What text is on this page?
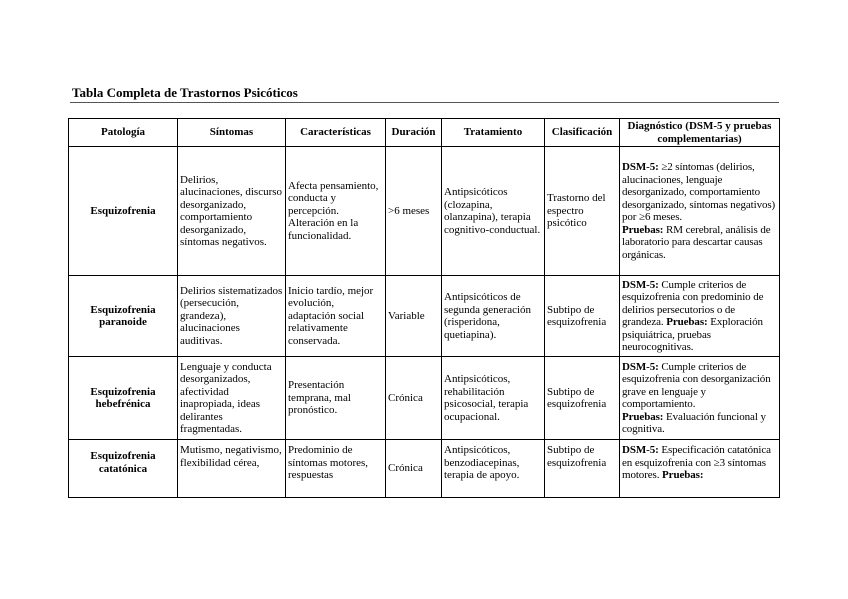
Tabla Completa de Trastornos Psicóticos
Patología	Síntomas	Características	Duración	Tratamiento	Clasificación	Diagnóstico (DSM-5 y pruebas complementarias)
Esquizofrenia	Delirios, alucinaciones, discurso desorganizado, comportamiento desorganizado, síntomas negativos.	Afecta pensamiento, conducta y percepción. Alteración en la funcionalidad.	>6 meses	Antipsicóticos (clozapina, olanzapina), terapia cognitivo-conductual.	Trastorno del espectro psicótico	DSM-5: ≥2 síntomas (delirios, alucinaciones, lenguaje desorganizado, comportamiento desorganizado, síntomas negativos) por ≥6 meses.
Pruebas: RM cerebral, análisis de laboratorio para descartar causas orgánicas.
Esquizofrenia paranoide	Delirios sistematizados (persecución, grandeza), alucinaciones auditivas.	Inicio tardío, mejor evolución, adaptación social relativamente conservada.	Variable	Antipsicóticos de segunda generación (risperidona, quetiapina).	Subtipo de esquizofrenia	DSM-5: Cumple criterios de esquizofrenia con predominio de delirios persecutorios o de grandeza. Pruebas: Exploración psiquiátrica, pruebas neurocognitivas.
Esquizofrenia hebefrénica	Lenguaje y conducta desorganizados, afectividad inapropiada, ideas delirantes fragmentadas.	Presentación temprana, mal pronóstico.	Crónica	Antipsicóticos, rehabilitación psicosocial, terapia ocupacional.	Subtipo de esquizofrenia	DSM-5: Cumple criterios de esquizofrenia con desorganización grave en lenguaje y comportamiento.
Pruebas: Evaluación funcional y cognitiva.
Esquizofrenia catatónica	Mutismo, negativismo, flexibilidad cérea,	Predominio de síntomas motores, respuestas	Crónica	Antipsicóticos, benzodiacepinas, terapia de apoyo.	Subtipo de esquizofrenia	DSM-5: Especificación catatónica en esquizofrenia con ≥3 síntomas motores. Pruebas:
